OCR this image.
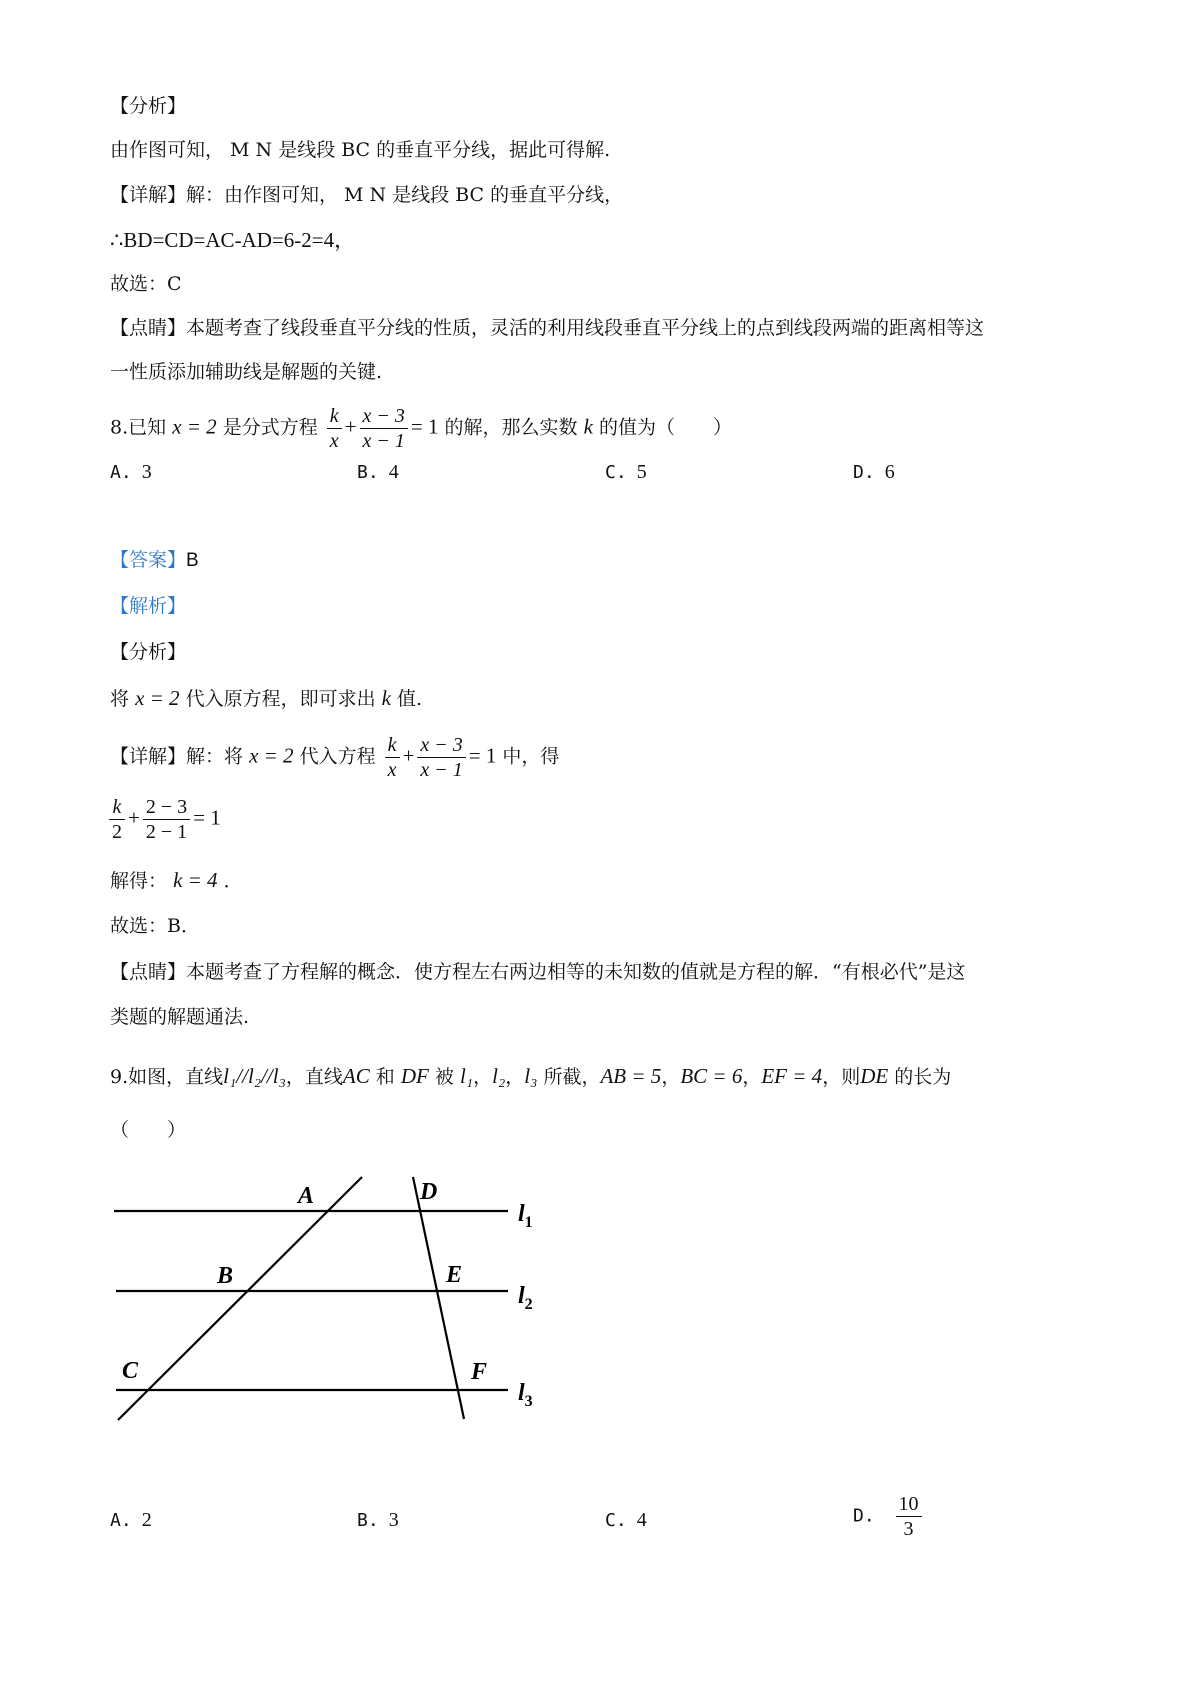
【分析】
由作图可知， M N 是线段 BC 的垂直平分线，据此可得解.
【详解】解：由作图可知， M N 是线段 BC 的垂直平分线，
∴BD=CD=AC-AD=6-2=4，
故选：C
【点睛】本题考查了线段垂直平分线的性质，灵活的利用线段垂直平分线上的点到线段两端的距离相等这
一性质添加辅助线是解题的关键.
8.已知 x = 2 是分式方程 $\frac{k}{x} + \frac{x - 3}{x - 1} = 1$ 的解，那么实数 k 的值为（　　）
A. 3	B. 4	C. 5	D. 6
【答案】B
【解析】
【分析】
将 x = 2 代入原方程，即可求出 k 值.
【详解】解：将 x = 2 代入方程 $\frac{k}{x} + \frac{x - 3}{x - 1} = 1$ 中，得
$\frac{k}{2} + \frac{2 - 3}{2 - 1} = 1$
解得： k = 4 ．
故选：B．
【点睛】本题考查了方程解的概念．使方程左右两边相等的未知数的值就是方程的解．“有根必代”是这
类题的解题通法.
9.如图，直线l₁//l₂//l₃，直线AC 和 DF 被 l₁，l₂，l₃ 所截，AB = 5，BC = 6，EF = 4，则DE 的长为
（　　）
A
B
C
D
E
F
$l_1$
$l_2$
$l_3$
A. 2	B. 3	C. 4	D. $\frac{10}{3}$
